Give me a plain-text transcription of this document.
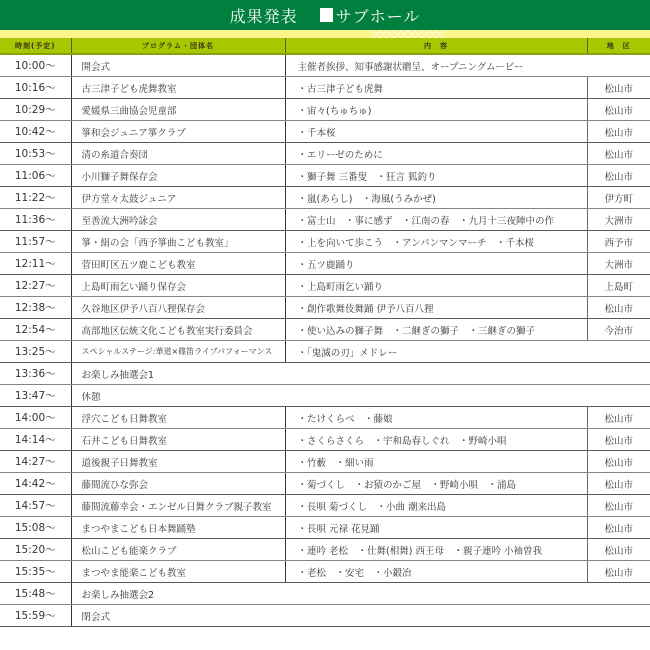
成果発表 サブホール
時刻(予定)	プログラム・団体名	内　容	地　区
10:00〜	開会式	主催者挨拶、知事感謝状贈呈、オープニングムービー	
10:16〜	古三津子ども虎舞教室	・古三津子ども虎舞	松山市
10:29〜	愛媛県三曲協会児童部	・宙々(ちゅちゅ)	松山市
10:42〜	箏和会ジュニア箏クラブ	・千本桜	松山市
10:53〜	清の糸道合奏団	・エリーゼのために	松山市
11:06〜	小川獅子舞保存会	・獅子舞 三番叟　・狂言 狐釣り	松山市
11:22〜	伊方堂々太鼓ジュニア	・嵐(あらし)　・海風(うみかぜ)	伊方町
11:36〜	至善流大洲吟詠会	・富士山　・事に感ず　・江南の春　・九月十三夜陣中の作	大洲市
11:57〜	箏・絹の会「西予箏曲こども教室」	・上を向いて歩こう　・アンパンマンマーチ　・千本桜	西予市
12:11〜	菅田町区五ツ鹿こども教室	・五ツ鹿踊り	大洲市
12:27〜	上島町雨乞い踊り保存会	・上島町雨乞い踊り	上島町
12:38〜	久谷地区伊予八百八狸保存会	・創作歌舞伎舞踊 伊予八百八狸	松山市
12:54〜	高部地区伝統文化こども教室実行委員会	・使い込みの獅子舞　・二継ぎの獅子　・三継ぎの獅子	今治市
13:25〜	スペシャルステージ:華道×篠笛ライブパフォーマンス	・「鬼滅の刃」メドレー	
13:36〜	お楽しみ抽選会1		
13:47〜	休憩		
14:00〜	浮穴こども日舞教室	・たけくらべ　・藤娘	松山市
14:14〜	石井こども日舞教室	・さくらさくら　・宇和島春しぐれ　・野崎小唄	松山市
14:27〜	道後親子日舞教室	・竹藪　・細い雨	松山市
14:42〜	藤間流ひな弥会	・菊づくし　・お猿のかご屋　・野崎小唄　・浦島	松山市
14:57〜	藤間流藤幸会・エンゼル日舞クラブ親子教室	・長唄 菊づくし　・小曲 潮来出島	松山市
15:08〜	まつやまこども日本舞踊塾	・長唄 元禄 花見踊	松山市
15:20〜	松山こども能楽クラブ	・連吟 老松　・仕舞(相舞) 西王母　・親子連吟 小袖曽我	松山市
15:35〜	まつやま能楽こども教室	・老松　・安宅　・小鍛冶	松山市
15:48〜	お楽しみ抽選会2		
15:59〜	閉会式		
